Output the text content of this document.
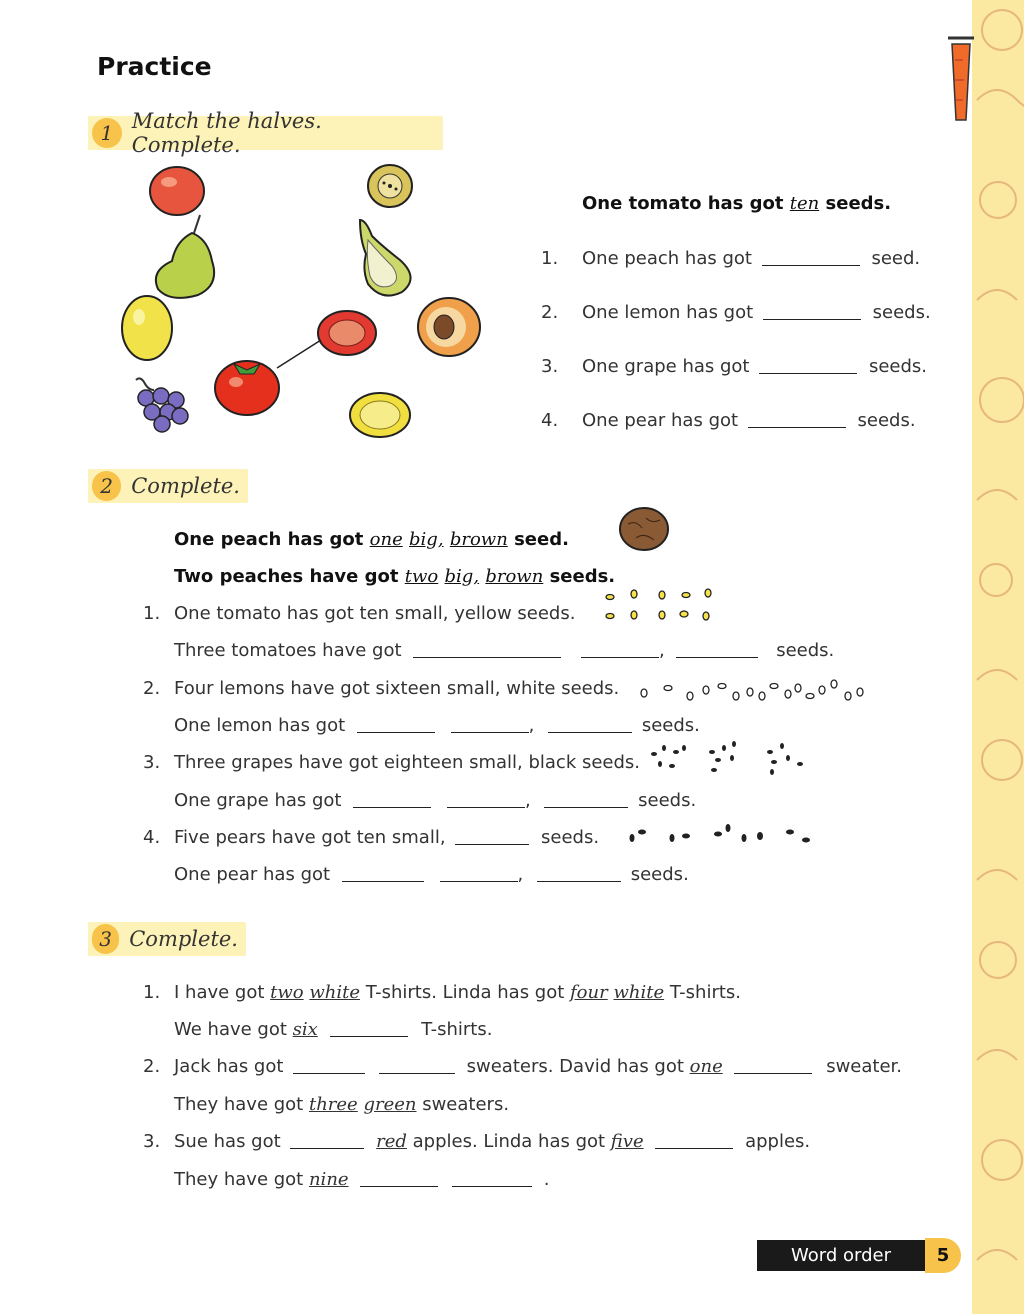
Practice
1 Match the halves. Complete.
One tomato has got ten seeds.
1. One peach has got	seed.
2. One lemon has got	seeds.
3. One grape has got	seeds.
4. One pear has got	seeds.
2 Complete.
One peach has got one big, brown seed.
Two peaches have got two big, brown seeds.
1. One tomato has got ten small, yellow seeds.
Three tomatoes have got	,	seeds.
2. Four lemons have got sixteen small, white seeds.
One lemon has got	,	seeds.
3. Three grapes have got eighteen small, black seeds.
One grape has got	,	seeds.
4. Five pears have got ten small,	seeds.
One pear has got	,	seeds.
3 Complete.
1. I have got two white T-shirts. Linda has got four white T-shirts.
We have got six	T-shirts.
2. Jack has got	sweaters. David has got one	sweater.
They have got three green sweaters.
3. Sue has got	red apples. Linda has got five	apples.
They have got nine	.
Word order	5
